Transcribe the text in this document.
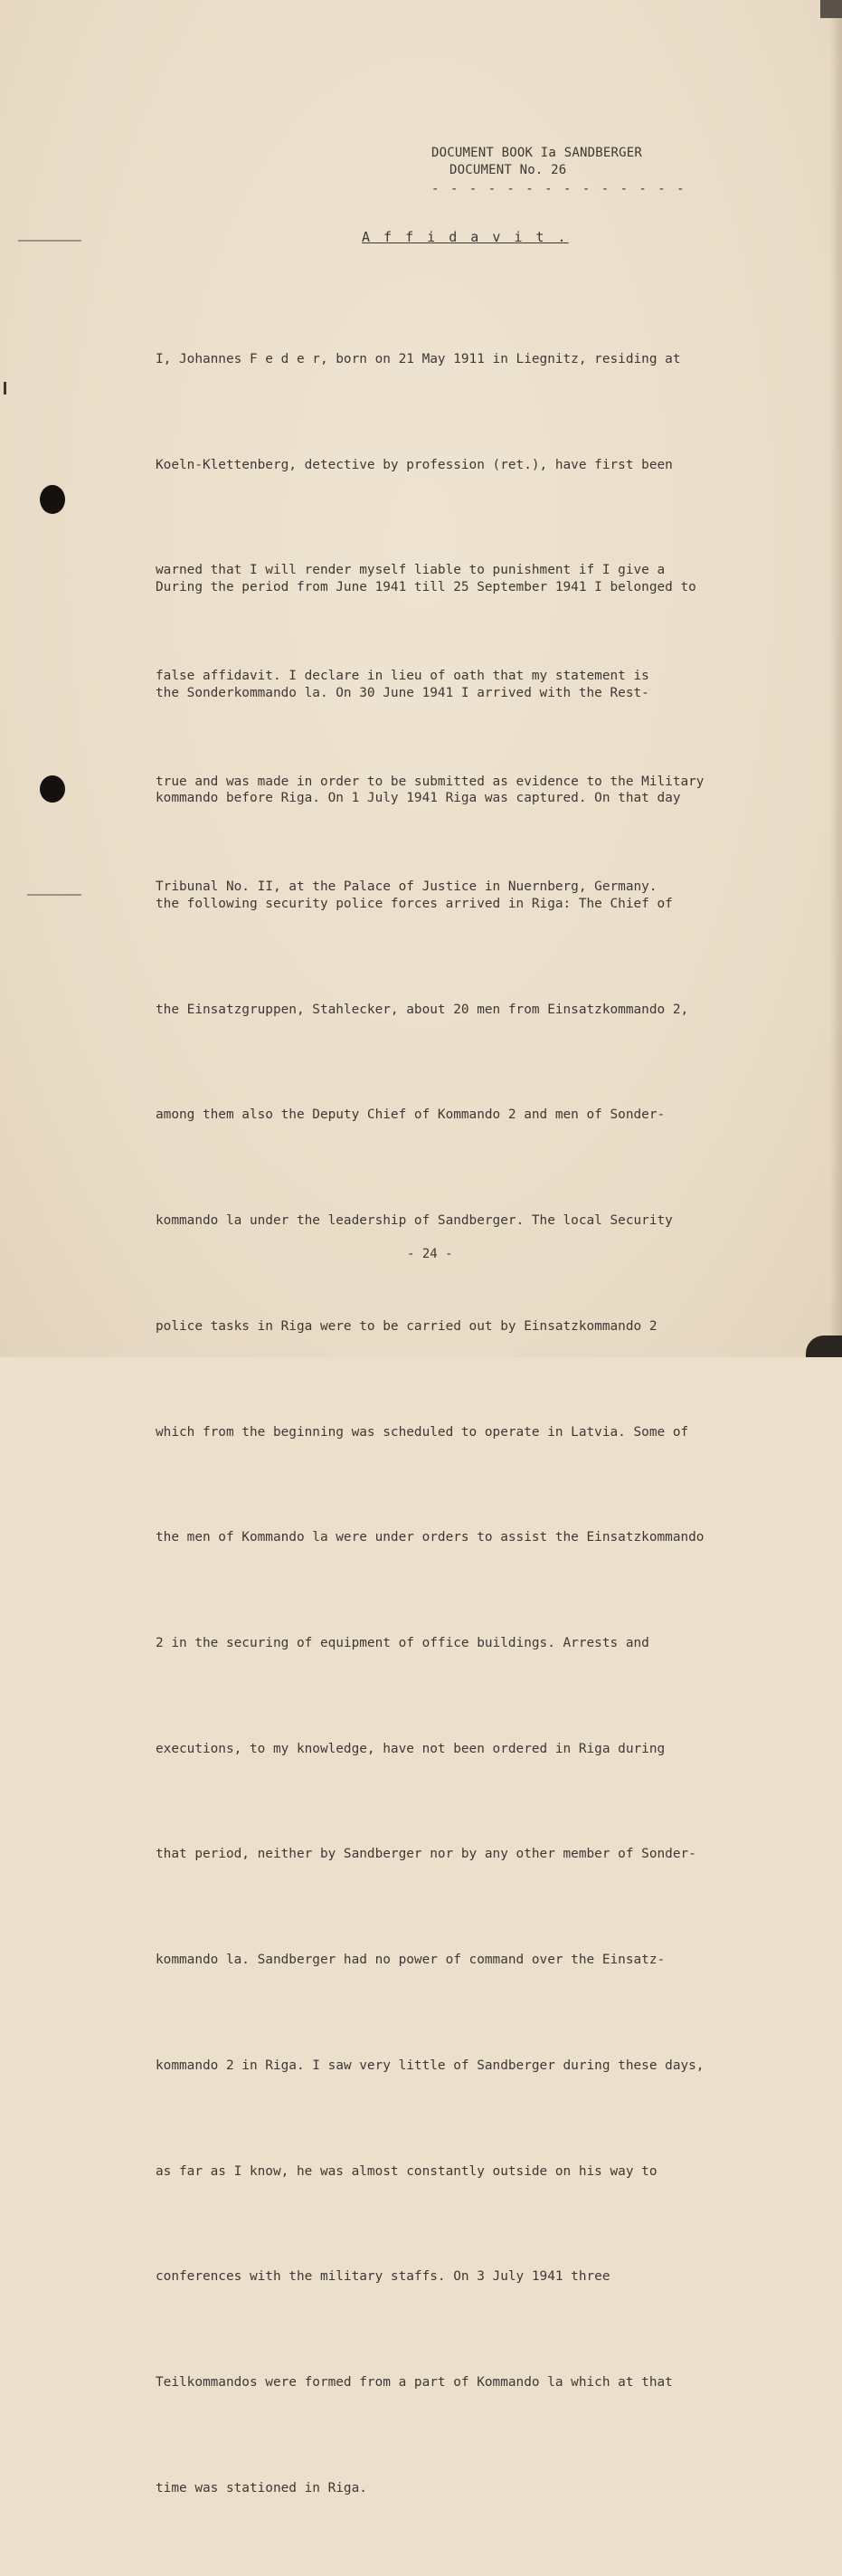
DOCUMENT BOOK Ia SANDBERGER
DOCUMENT No. 26
- - - - - - - - - - - - - -
A f f i d a v i t .

I, Johannes F e d e r, born on 21 May 1911 in Liegnitz, residing at

Koeln-Klettenberg, detective by profession (ret.), have first been

warned that I will render myself liable to punishment if I give a

false affidavit. I declare in lieu of oath that my statement is

true and was made in order to be submitted as evidence to the Military

Tribunal No. II, at the Palace of Justice in Nuernberg, Germany.

During the period from June 1941 till 25 September 1941 I belonged to

the Sonderkommando la. On 30 June 1941 I arrived with the Rest-

kommando before Riga. On 1 July 1941 Riga was captured. On that day

the following security police forces arrived in Riga: The Chief of

the Einsatzgruppen, Stahlecker, about 20 men from Einsatzkommando 2,

among them also the Deputy Chief of Kommando 2 and men of Sonder-

kommando la under the leadership of Sandberger. The local Security

police tasks in Riga were to be carried out by Einsatzkommando 2

which from the beginning was scheduled to operate in Latvia. Some of

the men of Kommando la were under orders to assist the Einsatzkommando

2 in the securing of equipment of office buildings. Arrests and

executions, to my knowledge, have not been ordered in Riga during

that period, neither by Sandberger nor by any other member of Sonder-

kommando la. Sandberger had no power of command over the Einsatz-

kommando 2 in Riga. I saw very little of Sandberger during these days,

as far as I know, he was almost constantly outside on his way to

conferences with the military staffs. On 3 July 1941 three

Teilkommandos were formed from a part of Kommando la which at that

time was stationed in Riga.

- 24 -
